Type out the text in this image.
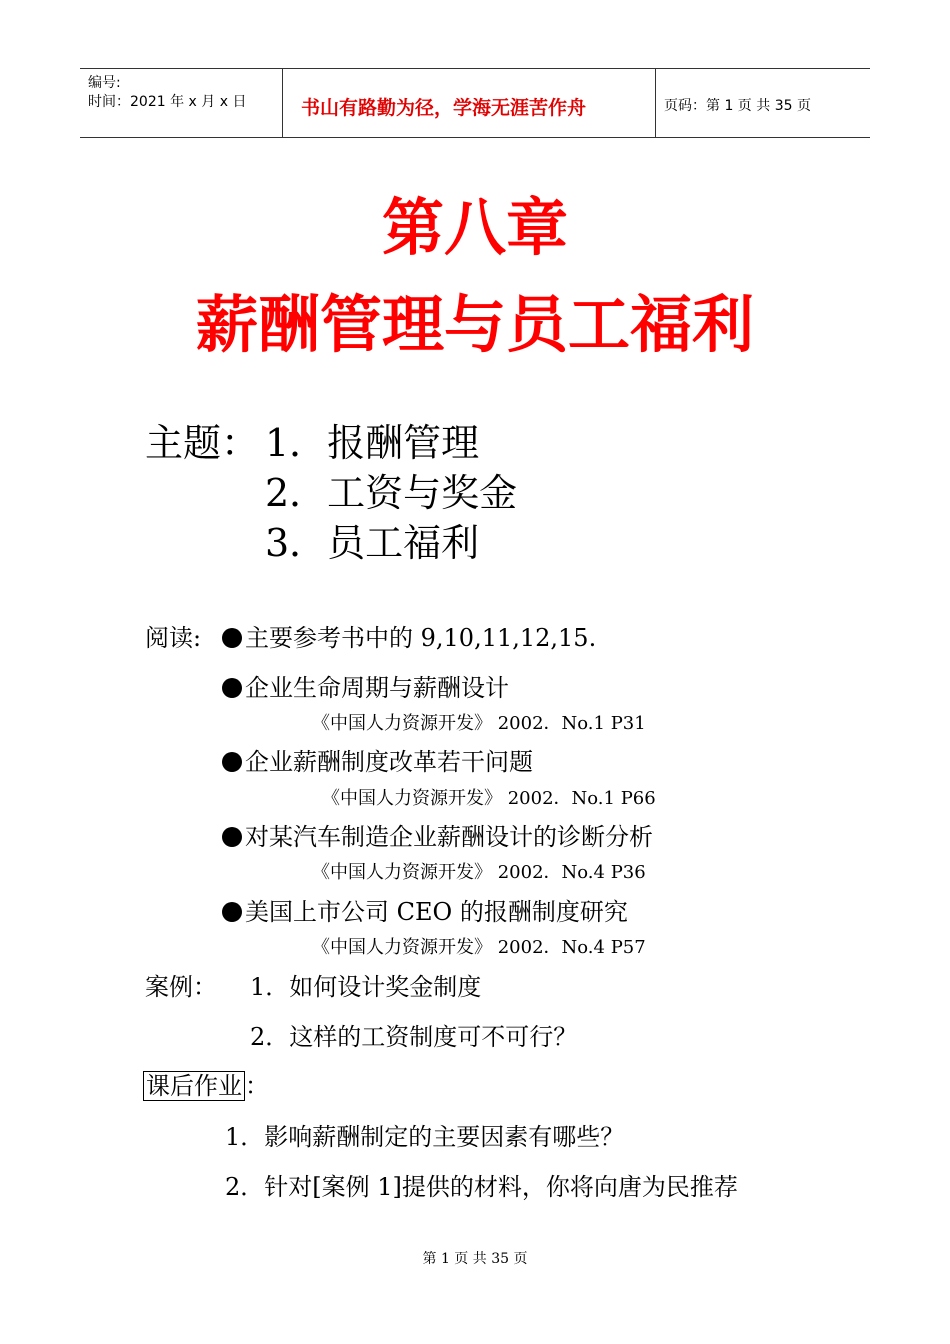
编号:
时间：2021 年 x 月 x 日	书山有路勤为径，学海无涯苦作舟	页码：第 1 页 共 35 页
第八章
薪酬管理与员工福利
主题： 1．报酬管理
2．工资与奖金
3．员工福利
阅读:	主要参考书中的 9,10,11,12,15.
企业生命周期与薪酬设计
《中国人力资源开发》 2002．No.1 P31
企业薪酬制度改革若干问题
《中国人力资源开发》 2002．No.1 P66
对某汽车制造企业薪酬设计的诊断分析
《中国人力资源开发》 2002．No.4 P36
美国上市公司 CEO 的报酬制度研究
《中国人力资源开发》 2002．No.4 P57
案例： 1．如何设计奖金制度
2．这样的工资制度可不可行？
课后作业 ：
1．影响薪酬制定的主要因素有哪些？
2．针对[案例 1]提供的材料，你将向唐为民推荐
第 1 页 共 35 页
